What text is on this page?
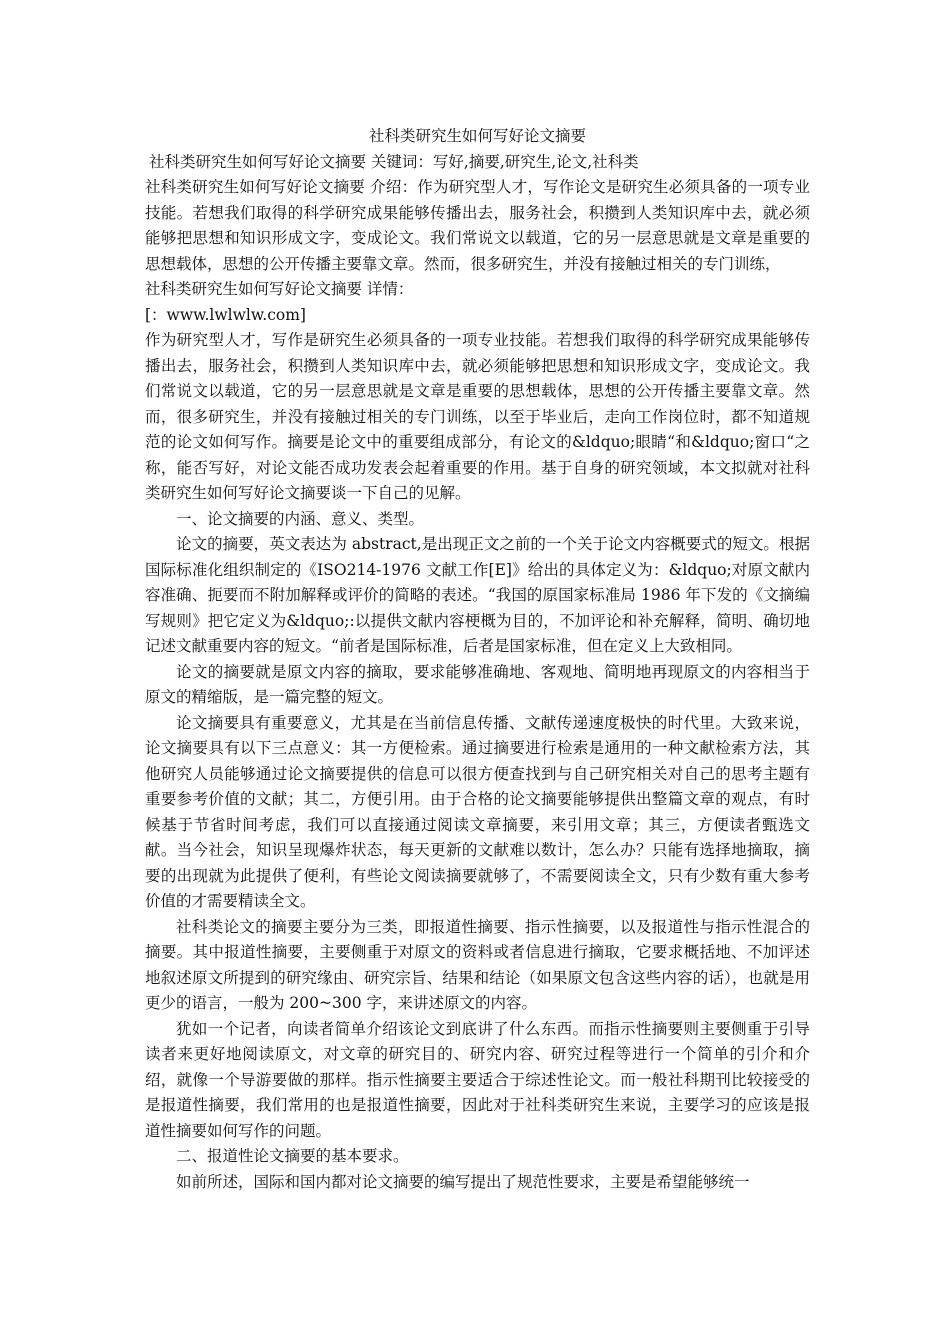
社科类研究生如何写好论文摘要

社科类研究生如何写好论文摘要 关键词：写好,摘要,研究生,论文,社科类

社科类研究生如何写好论文摘要 介绍：作为研究型人才，写作论文是研究生必须具备的一项专业技能。若想我们取得的科学研究成果能够传播出去，服务社会，积攒到人类知识库中去，就必须能够把思想和知识形成文字，变成论文。我们常说文以载道，它的另一层意思就是文章是重要的思想载体，思想的公开传播主要靠文章。然而，很多研究生，并没有接触过相关的专门训练，

社科类研究生如何写好论文摘要 详情：

[：www.lwlwlw.com]

作为研究型人才，写作是研究生必须具备的一项专业技能。若想我们取得的科学研究成果能够传播出去，服务社会，积攒到人类知识库中去，就必须能够把思想和知识形成文字，变成论文。我们常说文以载道，它的另一层意思就是文章是重要的思想载体，思想的公开传播主要靠文章。然而，很多研究生，并没有接触过相关的专门训练，以至于毕业后，走向工作岗位时，都不知道规范的论文如何写作。摘要是论文中的重要组成部分，有论文的&ldquo;眼睛“和&ldquo;窗口“之称，能否写好，对论文能否成功发表会起着重要的作用。基于自身的研究领域，本文拟就对社科类研究生如何写好论文摘要谈一下自己的见解。

一、论文摘要的内涵、意义、类型。

论文的摘要，英文表达为 abstract,是出现正文之前的一个关于论文内容概要式的短文。根据国际标准化组织制定的《ISO214-1976 文献工作[E]》给出的具体定义为：&ldquo;对原文献内容准确、扼要而不附加解释或评价的简略的表述。“我国的原国家标准局 1986 年下发的《文摘编写规则》把它定义为&ldquo;:以提供文献内容梗概为目的，不加评论和补充解释，简明、确切地记述文献重要内容的短文。“前者是国际标准，后者是国家标准，但在定义上大致相同。

论文的摘要就是原文内容的摘取，要求能够准确地、客观地、简明地再现原文的内容相当于原文的精缩版，是一篇完整的短文。

论文摘要具有重要意义，尤其是在当前信息传播、文献传递速度极快的时代里。大致来说，论文摘要具有以下三点意义：其一方便检索。通过摘要进行检索是通用的一种文献检索方法，其他研究人员能够通过论文摘要提供的信息可以很方便查找到与自己研究相关对自己的思考主题有重要参考价值的文献；其二，方便引用。由于合格的论文摘要能够提供出整篇文章的观点，有时候基于节省时间考虑，我们可以直接通过阅读文章摘要，来引用文章；其三，方便读者甄选文献。当今社会，知识呈现爆炸状态，每天更新的文献难以数计，怎么办？只能有选择地摘取，摘要的出现就为此提供了便利，有些论文阅读摘要就够了，不需要阅读全文，只有少数有重大参考价值的才需要精读全文。

社科类论文的摘要主要分为三类，即报道性摘要、指示性摘要，以及报道性与指示性混合的摘要。其中报道性摘要，主要侧重于对原文的资料或者信息进行摘取，它要求概括地、不加评述地叙述原文所提到的研究缘由、研究宗旨、结果和结论（如果原文包含这些内容的话），也就是用更少的语言，一般为 200~300 字，来讲述原文的内容。

犹如一个记者，向读者简单介绍该论文到底讲了什么东西。而指示性摘要则主要侧重于引导读者来更好地阅读原文，对文章的研究目的、研究内容、研究过程等进行一个简单的引介和介绍，就像一个导游要做的那样。指示性摘要主要适合于综述性论文。而一般社科期刊比较接受的是报道性摘要，我们常用的也是报道性摘要，因此对于社科类研究生来说，主要学习的应该是报道性摘要如何写作的问题。

二、报道性论文摘要的基本要求。

如前所述，国际和国内都对论文摘要的编写提出了规范性要求，主要是希望能够统一
